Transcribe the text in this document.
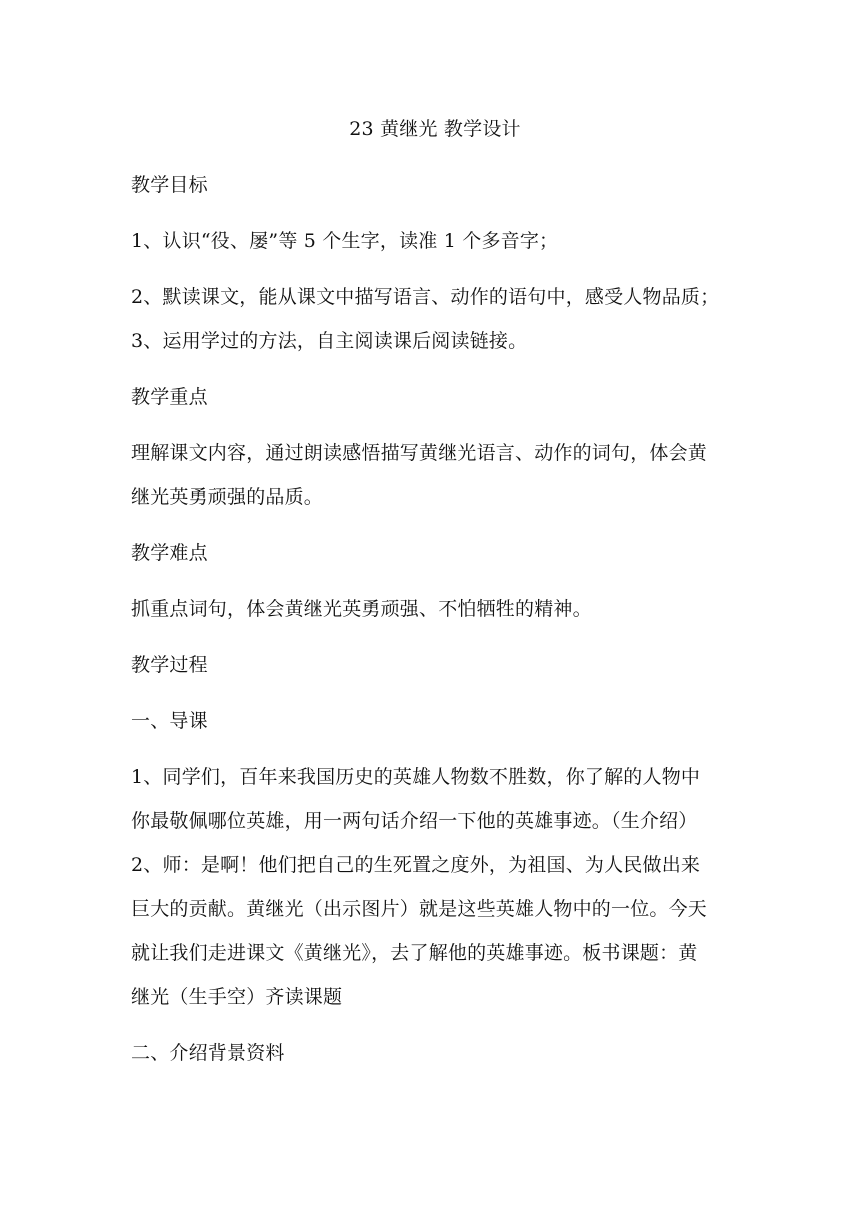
23 黄继光 教学设计
教学目标
1、认识“役、屡”等 5 个生字，读准 1 个多音字；
2、默读课文，能从课文中描写语言、动作的语句中，感受人物品质；
3、运用学过的方法，自主阅读课后阅读链接。
教学重点
理解课文内容，通过朗读感悟描写黄继光语言、动作的词句，体会黄
继光英勇顽强的品质。
教学难点
抓重点词句，体会黄继光英勇顽强、不怕牺牲的精神。
教学过程
一、导课
1、同学们，百年来我国历史的英雄人物数不胜数，你了解的人物中
你最敬佩哪位英雄，用一两句话介绍一下他的英雄事迹。（生介绍）
2、师：是啊！他们把自己的生死置之度外，为祖国、为人民做出来
巨大的贡献。黄继光（出示图片）就是这些英雄人物中的一位。今天
就让我们走进课文《黄继光》，去了解他的英雄事迹。板书课题：黄
继光（生手空）齐读课题
二、介绍背景资料
